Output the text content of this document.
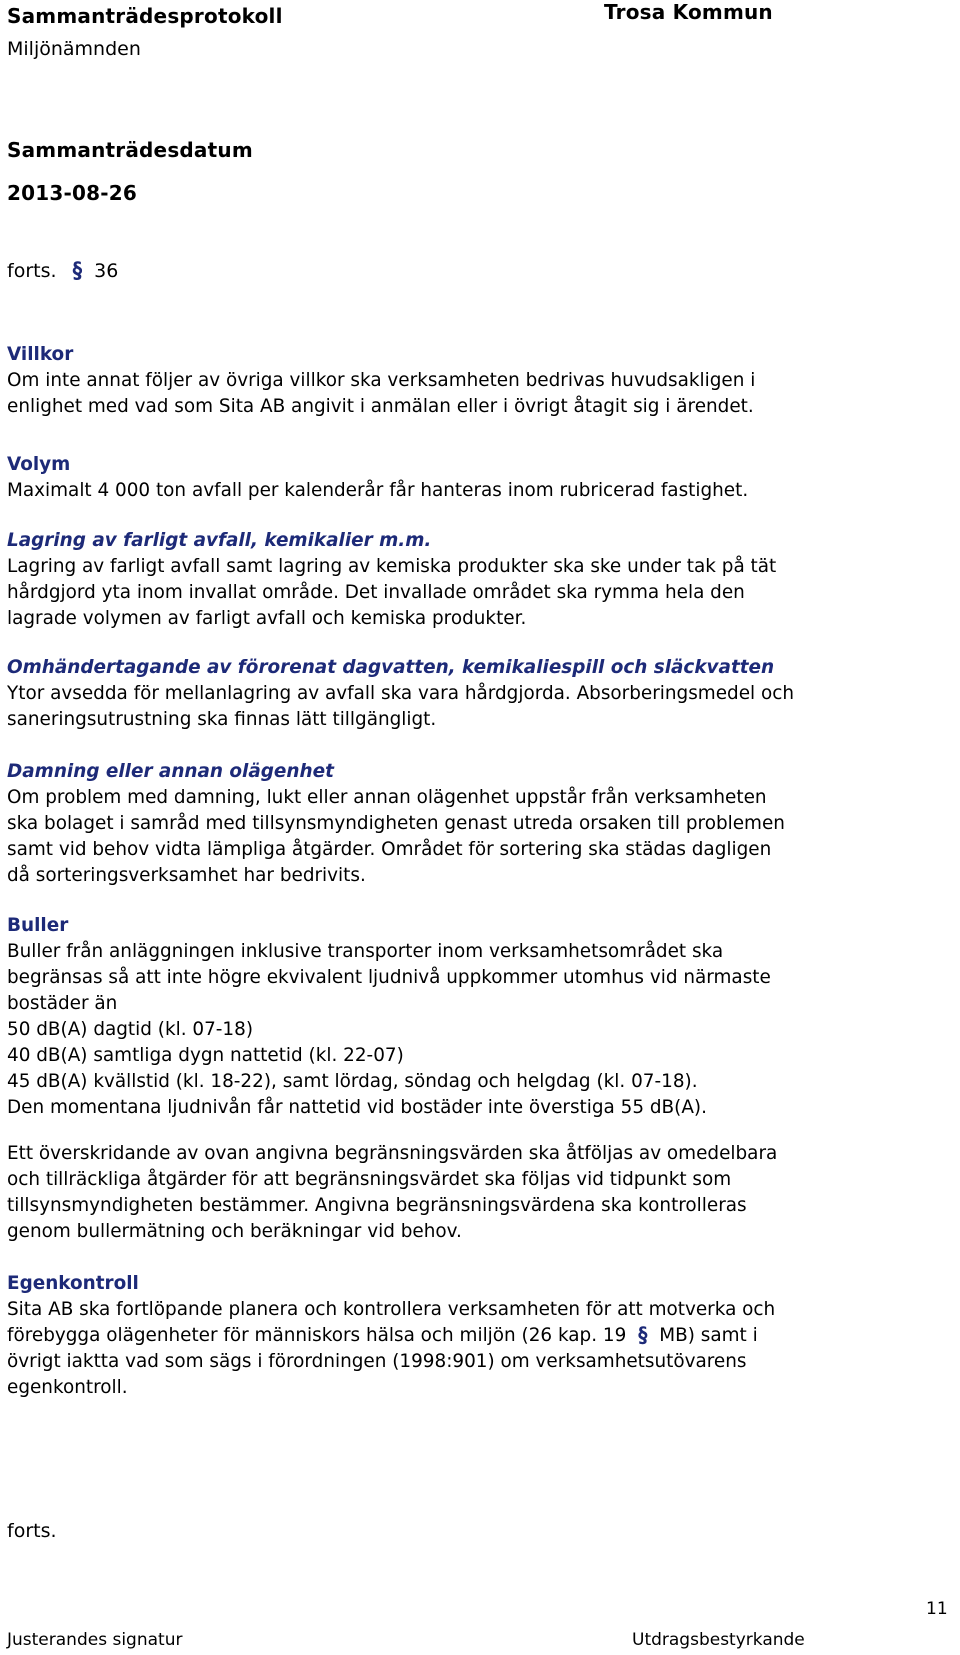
Sammanträdesprotokoll
Miljönämnden
Trosa Kommun
Sammanträdesdatum
2013-08-26
forts. § 36
Villkor

Om inte annat följer av övriga villkor ska verksamheten bedrivas huvudsakligen i

enlighet med vad som Sita AB angivit i anmälan eller i övrigt åtagit sig i ärendet.

Volym

Maximalt 4 000 ton avfall per kalenderår får hanteras inom rubricerad fastighet.

Lagring av farligt avfall, kemikalier m.m.

Lagring av farligt avfall samt lagring av kemiska produkter ska ske under tak på tät

hårdgjord yta inom invallat område. Det invallade området ska rymma hela den

lagrade volymen av farligt avfall och kemiska produkter.

Omhändertagande av förorenat dagvatten, kemikaliespill och släckvatten

Ytor avsedda för mellanlagring av avfall ska vara hårdgjorda. Absorberingsmedel och

saneringsutrustning ska finnas lätt tillgängligt.

Damning eller annan olägenhet

Om problem med damning, lukt eller annan olägenhet uppstår från verksamheten

ska bolaget i samråd med tillsynsmyndigheten genast utreda orsaken till problemen

samt vid behov vidta lämpliga åtgärder. Området för sortering ska städas dagligen

då sorteringsverksamhet har bedrivits.

Buller

Buller från anläggningen inklusive transporter inom verksamhetsområdet ska

begränsas så att inte högre ekvivalent ljudnivå uppkommer utomhus vid närmaste

bostäder än

50 dB(A) dagtid (kl. 07-18)

40 dB(A) samtliga dygn nattetid (kl. 22-07)

45 dB(A) kvällstid (kl. 18-22), samt lördag, söndag och helgdag (kl. 07-18).

Den momentana ljudnivån får nattetid vid bostäder inte överstiga 55 dB(A).

Ett överskridande av ovan angivna begränsningsvärden ska åtföljas av omedelbara

och tillräckliga åtgärder för att begränsningsvärdet ska följas vid tidpunkt som

tillsynsmyndigheten bestämmer. Angivna begränsningsvärdena ska kontrolleras

genom bullermätning och beräkningar vid behov.

Egenkontroll

Sita AB ska fortlöpande planera och kontrollera verksamheten för att motverka och

förebygga olägenheter för människors hälsa och miljön (26 kap. 19 § MB) samt i

övrigt iaktta vad som sägs i förordningen (1998:901) om verksamhetsutövarens

egenkontroll.

forts.
11
Justerandes signatur	Utdragsbestyrkande
